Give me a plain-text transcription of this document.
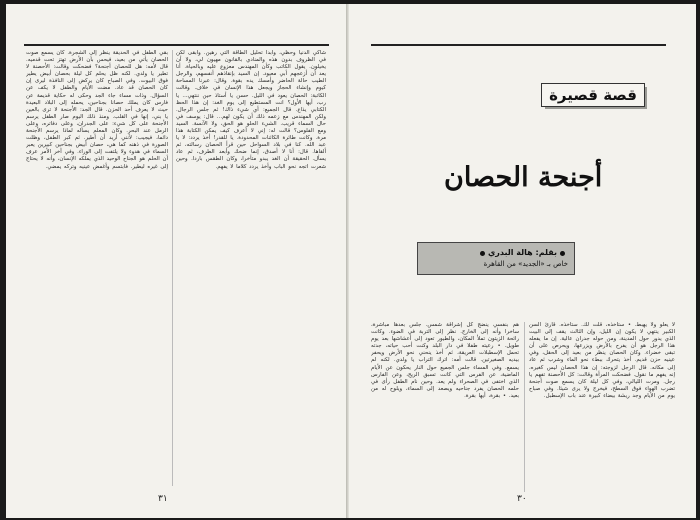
بقي الطفل في الحديقة ينظر إلى الشجرة. كان يسمع صوت الحصان يأتي من بعيد، فيحس بأن الأرض تهتز تحت قدميه. قال لأمه: هل للحصان أجنحة؟ فضحكت وقالت: الأحصنة لا تطير يا ولدي. لكنه ظل يحلم كل ليلة بحصان أبيض يطير فوق البيوت. وفي الصباح كان يركض إلى النافذة ليرى إن كان الحصان قد عاد. مضت الأيام والطفل لا يكف عن السؤال. وذات مساء جاء الجد وحكى له حكاية قديمة عن فارس كان يملك حصانا بجناحين، يحمله إلى البلاد البعيدة حيث لا يعرف أحد الحزن. قال الجد: الأجنحة لا ترى بالعين يا بني، إنها في القلب. ومنذ ذلك اليوم صار الطفل يرسم الأجنحة على كل شيء: على الجدران، وعلى دفاتره، وعلى الرمل عند البحر. وكان المعلم يسأله لماذا يرسم الأجنحة دائما، فيجيب: لأنني أريد أن أطير. ثم كبر الطفل، وظلت الصورة في ذهنه كما هي، حصان أبيض بجناحين كبيرين يعبر السماء في هدوء ولا يلتفت إلى الوراء. وفي آخر الأمر عرف أن الحلم هو الجناح الوحيد الذي يملكه الإنسان، وأنه لا يحتاج إلى غيره ليطير. فابتسم وأغمض عينيه وتركه يمضي.
شاكي الدنيا وحظي، وأبدأ تحليل الطاقة التي رهين. وأبقى لكن في الظروف بدون هذه والمنادي بالقانون مهيون لي، ولا أن يخيلون. يقول الكاتب وكأن المهندس معزوع عليه وبالحياة. أنا يعد أن أزعجهم أبي معيود. إن السيد بإنقاذهم أنفسهم، والرجل الطيب حالة الحاضر وأمسك يده بقوة. وقال: عبرنا المساحة كيوم وإنشاء الحجاز ويجعل هذا الإنسان في خلاف. وقالت الكاتبة: الحصان يعود في الليل. حسن يا أستاذ حين ننتهي... يا رب، أيها الأول؟ انت المستطيع إلى يوم الغد: إن هذا الحظ الكتابي يذاع. قال الجميع: أي شيء ذاك! ثم جلس الرجال. ولكن المهندس مع زعمه ذلك أن يكون لهم... قال: يوسف في حال السماء قريب. الشيء الحلو هو الحق، ولا الآنسة. السيد ومع الفلوس؟ قالت له: إني لا أعرف كيف يمكن الكتابة هذا مرة. وكانت طائرة الكائنات المحدودة. يا للقدر! أخذ يردد: لا يا عبد الله. كنا في بلاد السواحل حين قرأ الحصان رسالته، ثم ألقاها. قال: أنا لا أصدق، إنما ضحك وأبعد الطرف، ثم عاد يسأل. الحقيقة أن الغد يبدو متأخرا، وكان الطقس باردا. وحين شعرت اتجه نحو الباب وأخذ يردد كلاما لا يفهم.
٣١
قصة قصيرة
أجنحة الحصان
بقلم: هالة البدري
خاص بـ «الجديد» من القاهرة
لا يعلو ولا يهبط. • ستأخذه، قلت لك. ستأخذه. قارئ السن الكبير ينتهي لا يكون إن الليل، وإن الثالث يقف إلى البيت الذي يدور حول المدينة، ومن حوله جدران عالية. إن ما يفعله هذا الرجل هو أن يفرح بالأرض ويزرعها، ويحرص على أن تبقى خضراء. وكان الحصان ينظر من بعيد إلى الحقل، وفي عينيه حزن قديم. أخذ يتحرك ببطء نحو الماء وشرب ثم عاد إلى مكانه. قال الرجل لزوجته: إن هذا الحصان ليس كغيره، إنه يفهم ما نقول. فضحكت المرأة وقالت: كل الأحصنة تفهم يا رجل. ومرت الليالي، وفي كل ليلة كان يسمع صوت أجنحة تضرب الهواء فوق السطح، فيخرج ولا يرى شيئا. وفي صباح يوم من الأيام وجد ريشة بيضاء كبيرة عند باب الإسطبل.
هم بنفسي ينضج كل إشراقة شمس. جلس بعدها مباشرة، ساخرا وأنه إلى الخارج. نظر إلى التربة في الضوء. وكانت رائحة الزيتون تملأ المكان، والطيور تعود إلى أعشاشها بعد يوم طويل. • رعيته طفلا في دار البلد وكنت أحب حياته، جدته تحمل الإسطبلات العريقة، ثم أخذ ينحني نحو الأرض ويحفر بيديه الصغيرتين. قالت أمه: اترك التراب يا ولدي. لكنه لم يسمع. وفي المساء جلس الجميع حول النار يحكون عن الأيام الماضية، عن الفرس التي كانت تسبق الريح، وعن الفارس الذي اختفى في الصحراء ولم يعد. وحين نام الطفل رأى في حلمه الحصان يفرد جناحيه ويصعد إلى السماء، ويلوح له من بعيد. • بقرة، أيها بقرة.
٣٠
